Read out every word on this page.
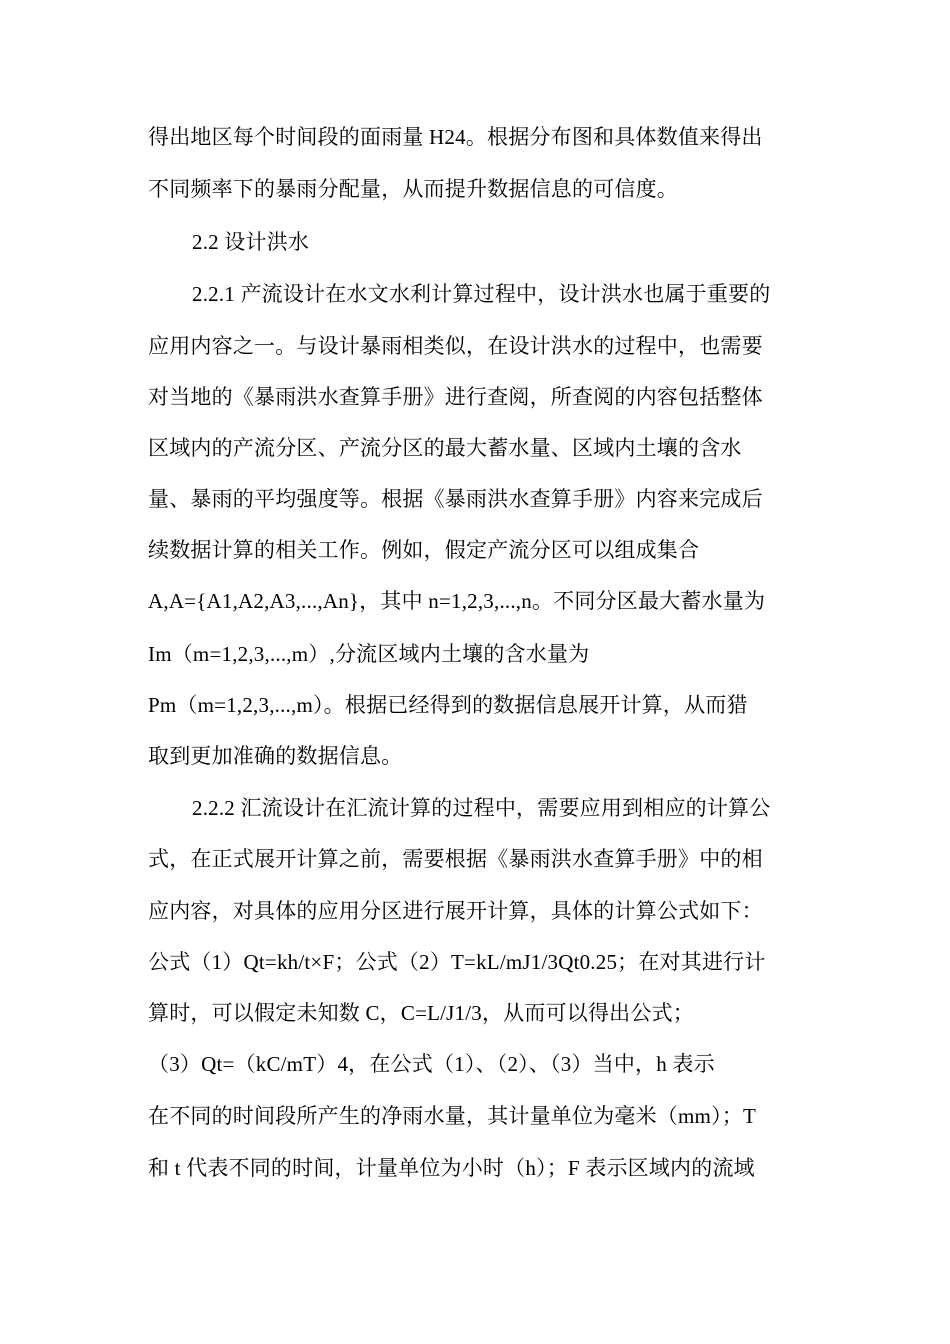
得出地区每个时间段的面雨量 H24。根据分布图和具体数值来得出
不同频率下的暴雨分配量，从而提升数据信息的可信度。
2.2 设计洪水
2.2.1 产流设计在水文水利计算过程中，设计洪水也属于重要的
应用内容之一。与设计暴雨相类似，在设计洪水的过程中，也需要
对当地的《暴雨洪水查算手册》进行查阅，所查阅的内容包括整体
区域内的产流分区、产流分区的最大蓄水量、区域内土壤的含水
量、暴雨的平均强度等。根据《暴雨洪水查算手册》内容来完成后
续数据计算的相关工作。例如，假定产流分区可以组成集合
A,A={A1,A2,A3,...,An}，其中 n=1,2,3,...,n。不同分区最大蓄水量为
Im（m=1,2,3,...,m）,分流区域内土壤的含水量为
Pm（m=1,2,3,...,m）。根据已经得到的数据信息展开计算，从而猎
取到更加准确的数据信息。
2.2.2 汇流设计在汇流计算的过程中，需要应用到相应的计算公
式，在正式展开计算之前，需要根据《暴雨洪水查算手册》中的相
应内容，对具体的应用分区进行展开计算，具体的计算公式如下：
公式（1）Qt=kh/t×F；公式（2）T=kL/mJ1/3Qt0.25；在对其进行计
算时，可以假定未知数 C，C=L/J1/3，从而可以得出公式；
（3）Qt=（kC/mT）4，在公式（1）、（2）、（3）当中，h 表示
在不同的时间段所产生的净雨水量，其计量单位为毫米（mm）；T
和 t 代表不同的时间，计量单位为小时（h）；F 表示区域内的流域
